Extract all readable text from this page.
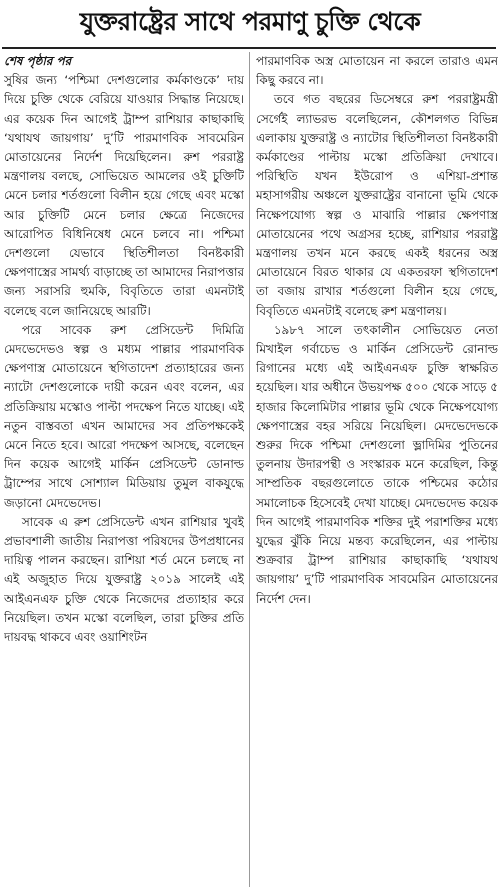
যুক্তরাষ্ট্রের সাথে পরমাণু চুক্তি থেকে
শেষ পৃষ্ঠার পর

সুষির জন্য ‘পশ্চিমা দেশগুলোর কর্মকাণ্ডকে’ দায় দিয়ে চুক্তি থেকে বেরিয়ে যাওয়ার সিদ্ধান্ত নিয়েছে। এর কয়েক দিন আগেই ট্রাম্প রাশিয়ার কাছাকাছি ‘যথাযথ জায়গায়’ দু’টি পারমাণবিক সাবমেরিন মোতায়েনের নির্দেশ দিয়েছিলেন। রুশ পররাষ্ট্র মন্ত্রণালয় বলছে, সোভিয়েত আমলের ওই চুক্তিটি মেনে চলার শর্তগুলো বিলীন হয়ে গেছে এবং মস্কো আর চুক্তিটি মেনে চলার ক্ষেত্রে নিজেদের আরোপিত বিধিনিষেধ মেনে চলবে না। পশ্চিমা দেশগুলো যেভাবে স্থিতিশীলতা বিনষ্টকারী ক্ষেপণাস্ত্রের সামর্থ্য বাড়াচ্ছে তা আমাদের নিরাপত্তার জন্য সরাসরি হুমকি, বিবৃতিতে তারা এমনটাই বলেছে বলে জানিয়েছে আরটি।

পরে সাবেক রুশ প্রেসিডেন্ট দিমিত্রি মেদভেদেভও স্বল্প ও মধ্যম পাল্লার পারমাণবিক ক্ষেপণাস্ত্র মোতায়েনে স্থগিতাদেশ প্রত্যাহারের জন্য ন্যাটো দেশগুলোকে দায়ী করেন এবং বলেন, এর প্রতিক্রিয়ায় মস্কোও পাল্টা পদক্ষেপ নিতে যাচ্ছে। এই নতুন বাস্তবতা এখন আমাদের সব প্রতিপক্ষকেই মেনে নিতে হবে। আরো পদক্ষেপ আসছে, বলেছেন দিন কয়েক আগেই মার্কিন প্রেসিডেন্ট ডোনাল্ড ট্রাম্পের সাথে সোশ্যাল মিডিয়ায় তুমুল বাকযুদ্ধে জড়ানো মেদভেদেভ।

সাবেক এ রুশ প্রেসিডেন্ট এখন রাশিয়ার খুবই প্রভাবশালী জাতীয় নিরাপত্তা পরিষদের উপপ্রধানের দায়িত্ব পালন করছেন। রাশিয়া শর্ত মেনে চলছে না এই অজুহাত দিয়ে যুক্তরাষ্ট্র ২০১৯ সালেই এই আইএনএফ চুক্তি থেকে নিজেদের প্রত্যাহার করে নিয়েছিল। তখন মস্কো বলেছিল, তারা চুক্তির প্রতি দায়বদ্ধ থাকবে এবং ওয়াশিংটন

পারমাণবিক অস্ত্র মোতায়েন না করলে তারাও এমন কিছু করবে না।

তবে গত বছরের ডিসেম্বরে রুশ পররাষ্ট্রমন্ত্রী সের্গেই ল্যাভরভ বলেছিলেন, কৌশলগত বিভিন্ন এলাকায় যুক্তরাষ্ট্র ও ন্যাটোর স্থিতিশীলতা বিনষ্টকারী কর্মকাণ্ডের পাল্টায় মস্কো প্রতিক্রিয়া দেখাবে। পরিস্থিতি যখন ইউরোপ ও এশিয়া-প্রশান্ত মহাসাগরীয় অঞ্চলে যুক্তরাষ্ট্রের বানানো ভূমি থেকে নিক্ষেপযোগ্য স্বল্প ও মাঝারি পাল্লার ক্ষেপণাস্ত্র মোতায়েনের পথে অগ্রসর হচ্ছে, রাশিয়ার পররাষ্ট্র মন্ত্রণালয় তখন মনে করছে একই ধরনের অস্ত্র মোতায়েনে বিরত থাকার যে একতরফা স্থগিতাদেশ তা বজায় রাখার শর্তগুলো বিলীন হয়ে গেছে, বিবৃতিতে এমনটাই বলেছে রুশ মন্ত্রণালয়।

১৯৮৭ সালে তৎকালীন সোভিয়েত নেতা মিখাইল গর্বাচেভ ও মার্কিন প্রেসিডেন্ট রোনাল্ড রিগানের মধ্যে এই আইএনএফ চুক্তি স্বাক্ষরিত হয়েছিল। যার অধীনে উভয়পক্ষ ৫০০ থেকে সাড়ে ৫ হাজার কিলোমিটার পাল্লার ভূমি থেকে নিক্ষেপযোগ্য ক্ষেপণাস্ত্রের বহর সরিয়ে নিয়েছিল। মেদভেদেভকে শুরুর দিকে পশ্চিমা দেশগুলো ভ্লাদিমির পুতিনের তুলনায় উদারপন্থী ও সংস্কারক মনে করেছিল, কিন্তু সাম্প্রতিক বছরগুলোতে তাকে পশ্চিমের কঠোর সমালোচক হিসেবেই দেখা যাচ্ছে। মেদভেদেভ কয়েক দিন আগেই পারমাণবিক শক্তির দুই পরাশক্তির মধ্যে যুদ্ধের ঝুঁকি নিয়ে মন্তব্য করেছিলেন, এর পাল্টায় শুক্রবার ট্রাম্প রাশিয়ার কাছাকাছি ‘যথাযথ জায়গায়’ দু’টি পারমাণবিক সাবমেরিন মোতায়েনের নির্দেশ দেন।
